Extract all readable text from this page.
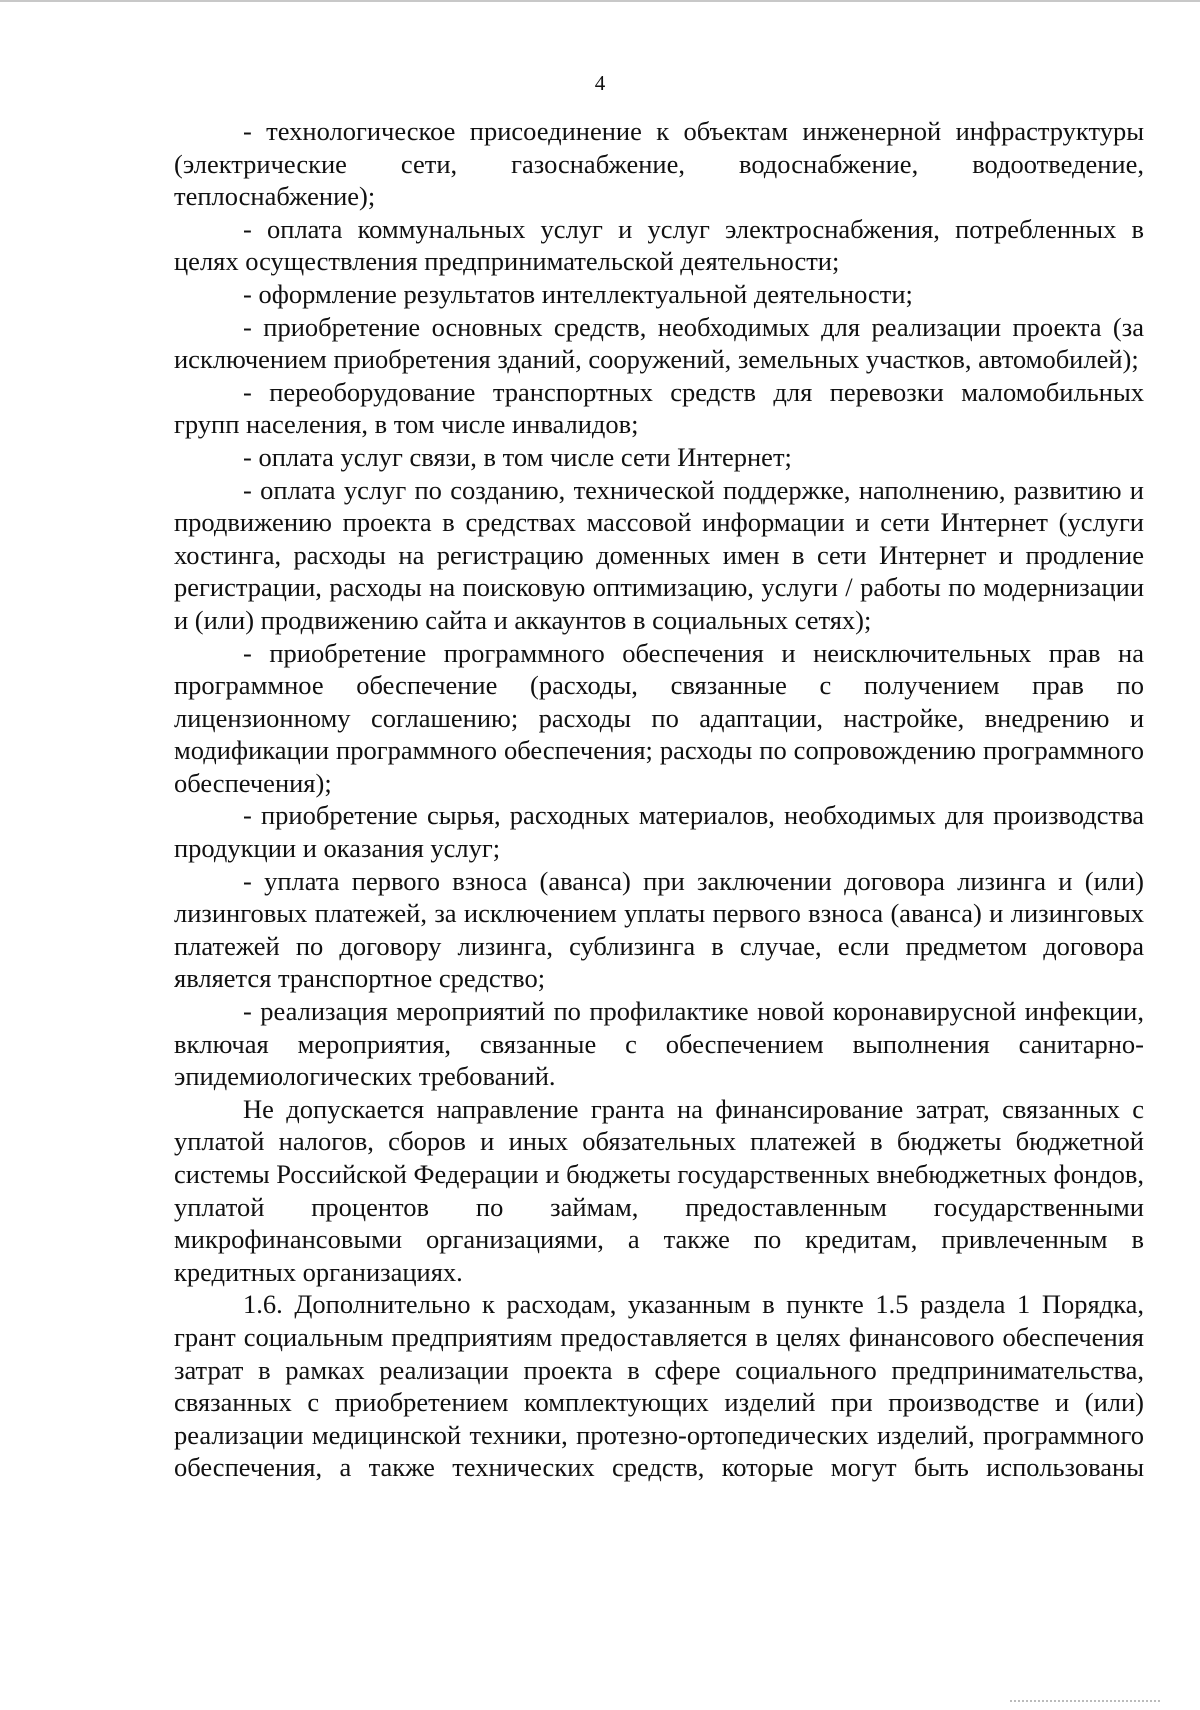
4

- технологическое присоединение к объектам инженерной инфраструктуры (электрические сети, газоснабжение, водоснабжение, водоотведение, теплоснабжение);

- оплата коммунальных услуг и услуг электроснабжения, потребленных в целях осуществления предпринимательской деятельности;

- оформление результатов интеллектуальной деятельности;

- приобретение основных средств, необходимых для реализации проекта (за исключением приобретения зданий, сооружений, земельных участков, автомобилей);

- переоборудование транспортных средств для перевозки маломобильных групп населения, в том числе инвалидов;

- оплата услуг связи, в том числе сети Интернет;

- оплата услуг по созданию, технической поддержке, наполнению, развитию и продвижению проекта в средствах массовой информации и сети Интернет (услуги хостинга, расходы на регистрацию доменных имен в сети Интернет и продление регистрации, расходы на поисковую оптимизацию, услуги / работы по модернизации и (или) продвижению сайта и аккаунтов в социальных сетях);

- приобретение программного обеспечения и неисключительных прав на программное обеспечение (расходы, связанные с получением прав по лицензионному соглашению; расходы по адаптации, настройке, внедрению и модификации программного обеспечения; расходы по сопровождению программного обеспечения);

- приобретение сырья, расходных материалов, необходимых для производства продукции и оказания услуг;

- уплата первого взноса (аванса) при заключении договора лизинга и (или) лизинговых платежей, за исключением уплаты первого взноса (аванса) и лизинговых платежей по договору лизинга, сублизинга в случае, если предметом договора является транспортное средство;

- реализация мероприятий по профилактике новой коронавирусной инфекции, включая мероприятия, связанные с обеспечением выполнения санитарно-эпидемиологических требований.

Не допускается направление гранта на финансирование затрат, связанных с уплатой налогов, сборов и иных обязательных платежей в бюджеты бюджетной системы Российской Федерации и бюджеты государственных внебюджетных фондов, уплатой процентов по займам, предоставленным государственными микрофинансовыми организациями, а также по кредитам, привлеченным в кредитных организациях.

1.6. Дополнительно к расходам, указанным в пункте 1.5 раздела 1 Порядка, грант социальным предприятиям предоставляется в целях финансового обеспечения затрат в рамках реализации проекта в сфере социального предпринимательства, связанных с приобретением комплектующих изделий при производстве и (или) реализации медицинской техники, протезно-ортопедических изделий, программного обеспечения, а также технических средств, которые могут быть использованы
